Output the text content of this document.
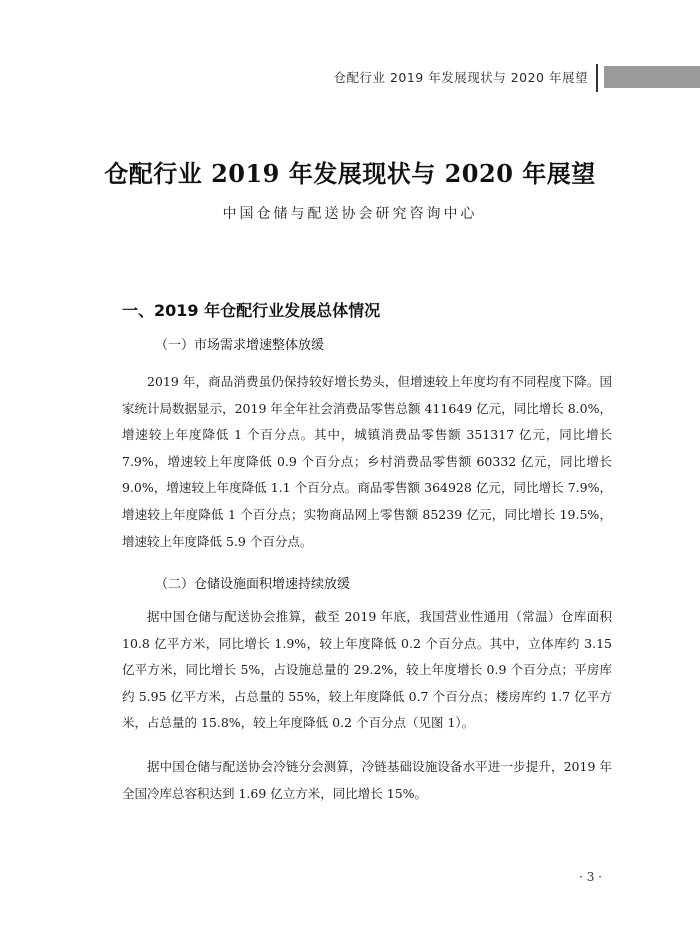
仓配行业 2019 年发展现状与 2020 年展望
仓配行业 2019 年发展现状与 2020 年展望
中国仓储与配送协会研究咨询中心
一、2019 年仓配行业发展总体情况
（一）市场需求增速整体放缓

2019 年，商品消费虽仍保持较好增长势头，但增速较上年度均有不同程度下降。国家统计局数据显示，2019 年全年社会消费品零售总额 411649 亿元，同比增长 8.0%，增速较上年度降低 1 个百分点。其中，城镇消费品零售额 351317 亿元，同比增长 7.9%，增速较上年度降低 0.9 个百分点；乡村消费品零售额 60332 亿元，同比增长 9.0%，增速较上年度降低 1.1 个百分点。商品零售额 364928 亿元，同比增长 7.9%，增速较上年度降低 1 个百分点；实物商品网上零售额 85239 亿元，同比增长 19.5%，增速较上年度降低 5.9 个百分点。

（二）仓储设施面积增速持续放缓

据中国仓储与配送协会推算，截至 2019 年底，我国营业性通用（常温）仓库面积 10.8 亿平方米，同比增长 1.9%，较上年度降低 0.2 个百分点。其中，立体库约 3.15 亿平方米，同比增长 5%，占设施总量的 29.2%，较上年度增长 0.9 个百分点；平房库约 5.95 亿平方米，占总量的 55%，较上年度降低 0.7 个百分点；楼房库约 1.7 亿平方米，占总量的 15.8%，较上年度降低 0.2 个百分点（见图 1）。

据中国仓储与配送协会冷链分会测算，冷链基础设施设备水平进一步提升，2019 年全国冷库总容积达到 1.69 亿立方米，同比增长 15%。

· 3 ·
